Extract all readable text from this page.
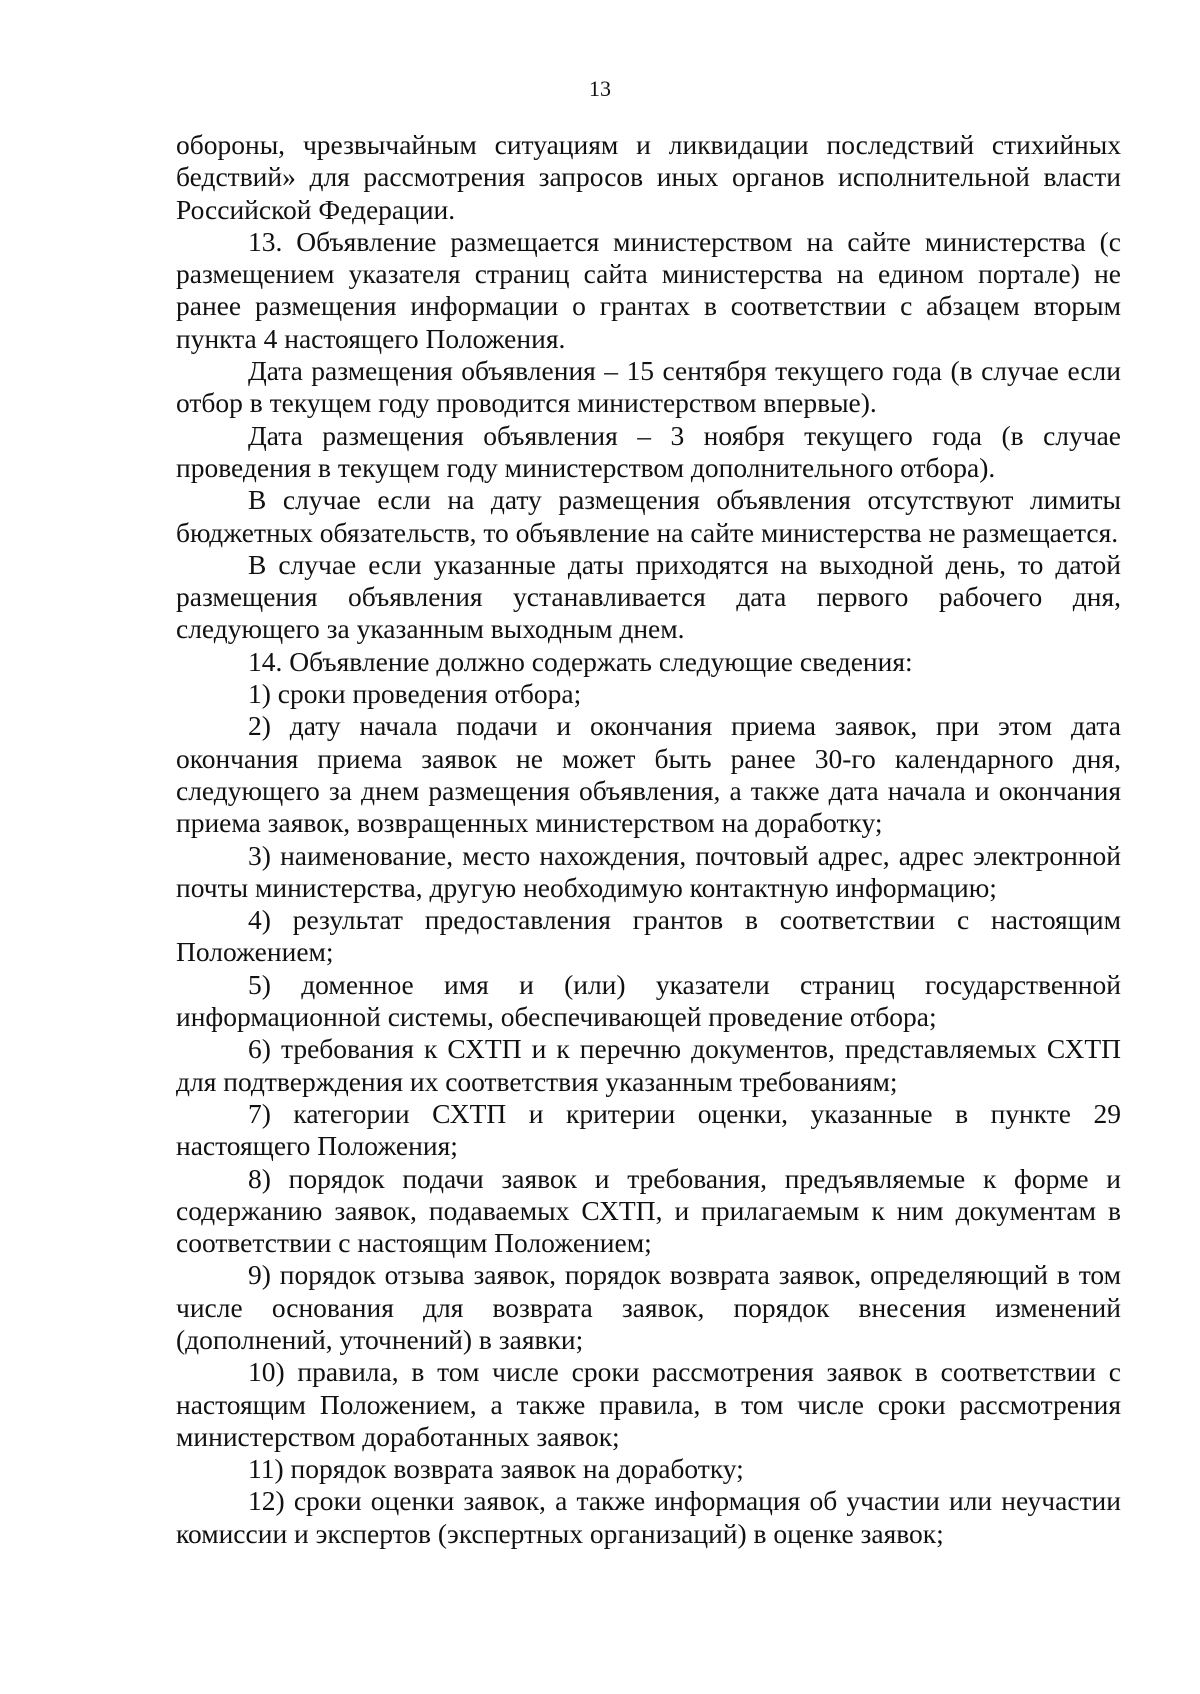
13

обороны, чрезвычайным ситуациям и ликвидации последствий стихийных бедствий» для рассмотрения запросов иных органов исполнительной власти Российской Федерации.

13. Объявление размещается министерством на сайте министерства (с размещением указателя страниц сайта министерства на едином портале) не ранее размещения информации о грантах в соответствии с абзацем вторым пункта 4 настоящего Положения.

Дата размещения объявления – 15 сентября текущего года (в случае если отбор в текущем году проводится министерством впервые).

Дата размещения объявления – 3 ноября текущего года (в случае проведения в текущем году министерством дополнительного отбора).

В случае если на дату размещения объявления отсутствуют лимиты бюджетных обязательств, то объявление на сайте министерства не размещается.

В случае если указанные даты приходятся на выходной день, то датой размещения объявления устанавливается дата первого рабочего дня, следующего за указанным выходным днем.

14. Объявление должно содержать следующие сведения:

1) сроки проведения отбора;

2) дату начала подачи и окончания приема заявок, при этом дата окончания приема заявок не может быть ранее 30-го календарного дня, следующего за днем размещения объявления, а также дата начала и окончания приема заявок, возвращенных министерством на доработку;

3) наименование, место нахождения, почтовый адрес, адрес электронной почты министерства, другую необходимую контактную информацию;

4) результат предоставления грантов в соответствии с настоящим Положением;

5) доменное имя и (или) указатели страниц государственной информационной системы, обеспечивающей проведение отбора;

6) требования к СХТП и к перечню документов, представляемых СХТП для подтверждения их соответствия указанным требованиям;

7) категории СХТП и критерии оценки, указанные в пункте 29 настоящего Положения;

8) порядок подачи заявок и требования, предъявляемые к форме и содержанию заявок, подаваемых СХТП, и прилагаемым к ним документам в соответствии с настоящим Положением;

9) порядок отзыва заявок, порядок возврата заявок, определяющий в том числе основания для возврата заявок, порядок внесения изменений (дополнений, уточнений) в заявки;

10) правила, в том числе сроки рассмотрения заявок в соответствии с настоящим Положением, а также правила, в том числе сроки рассмотрения министерством доработанных заявок;

11) порядок возврата заявок на доработку;

12) сроки оценки заявок, а также информация об участии или неучастии комиссии и экспертов (экспертных организаций) в оценке заявок;
